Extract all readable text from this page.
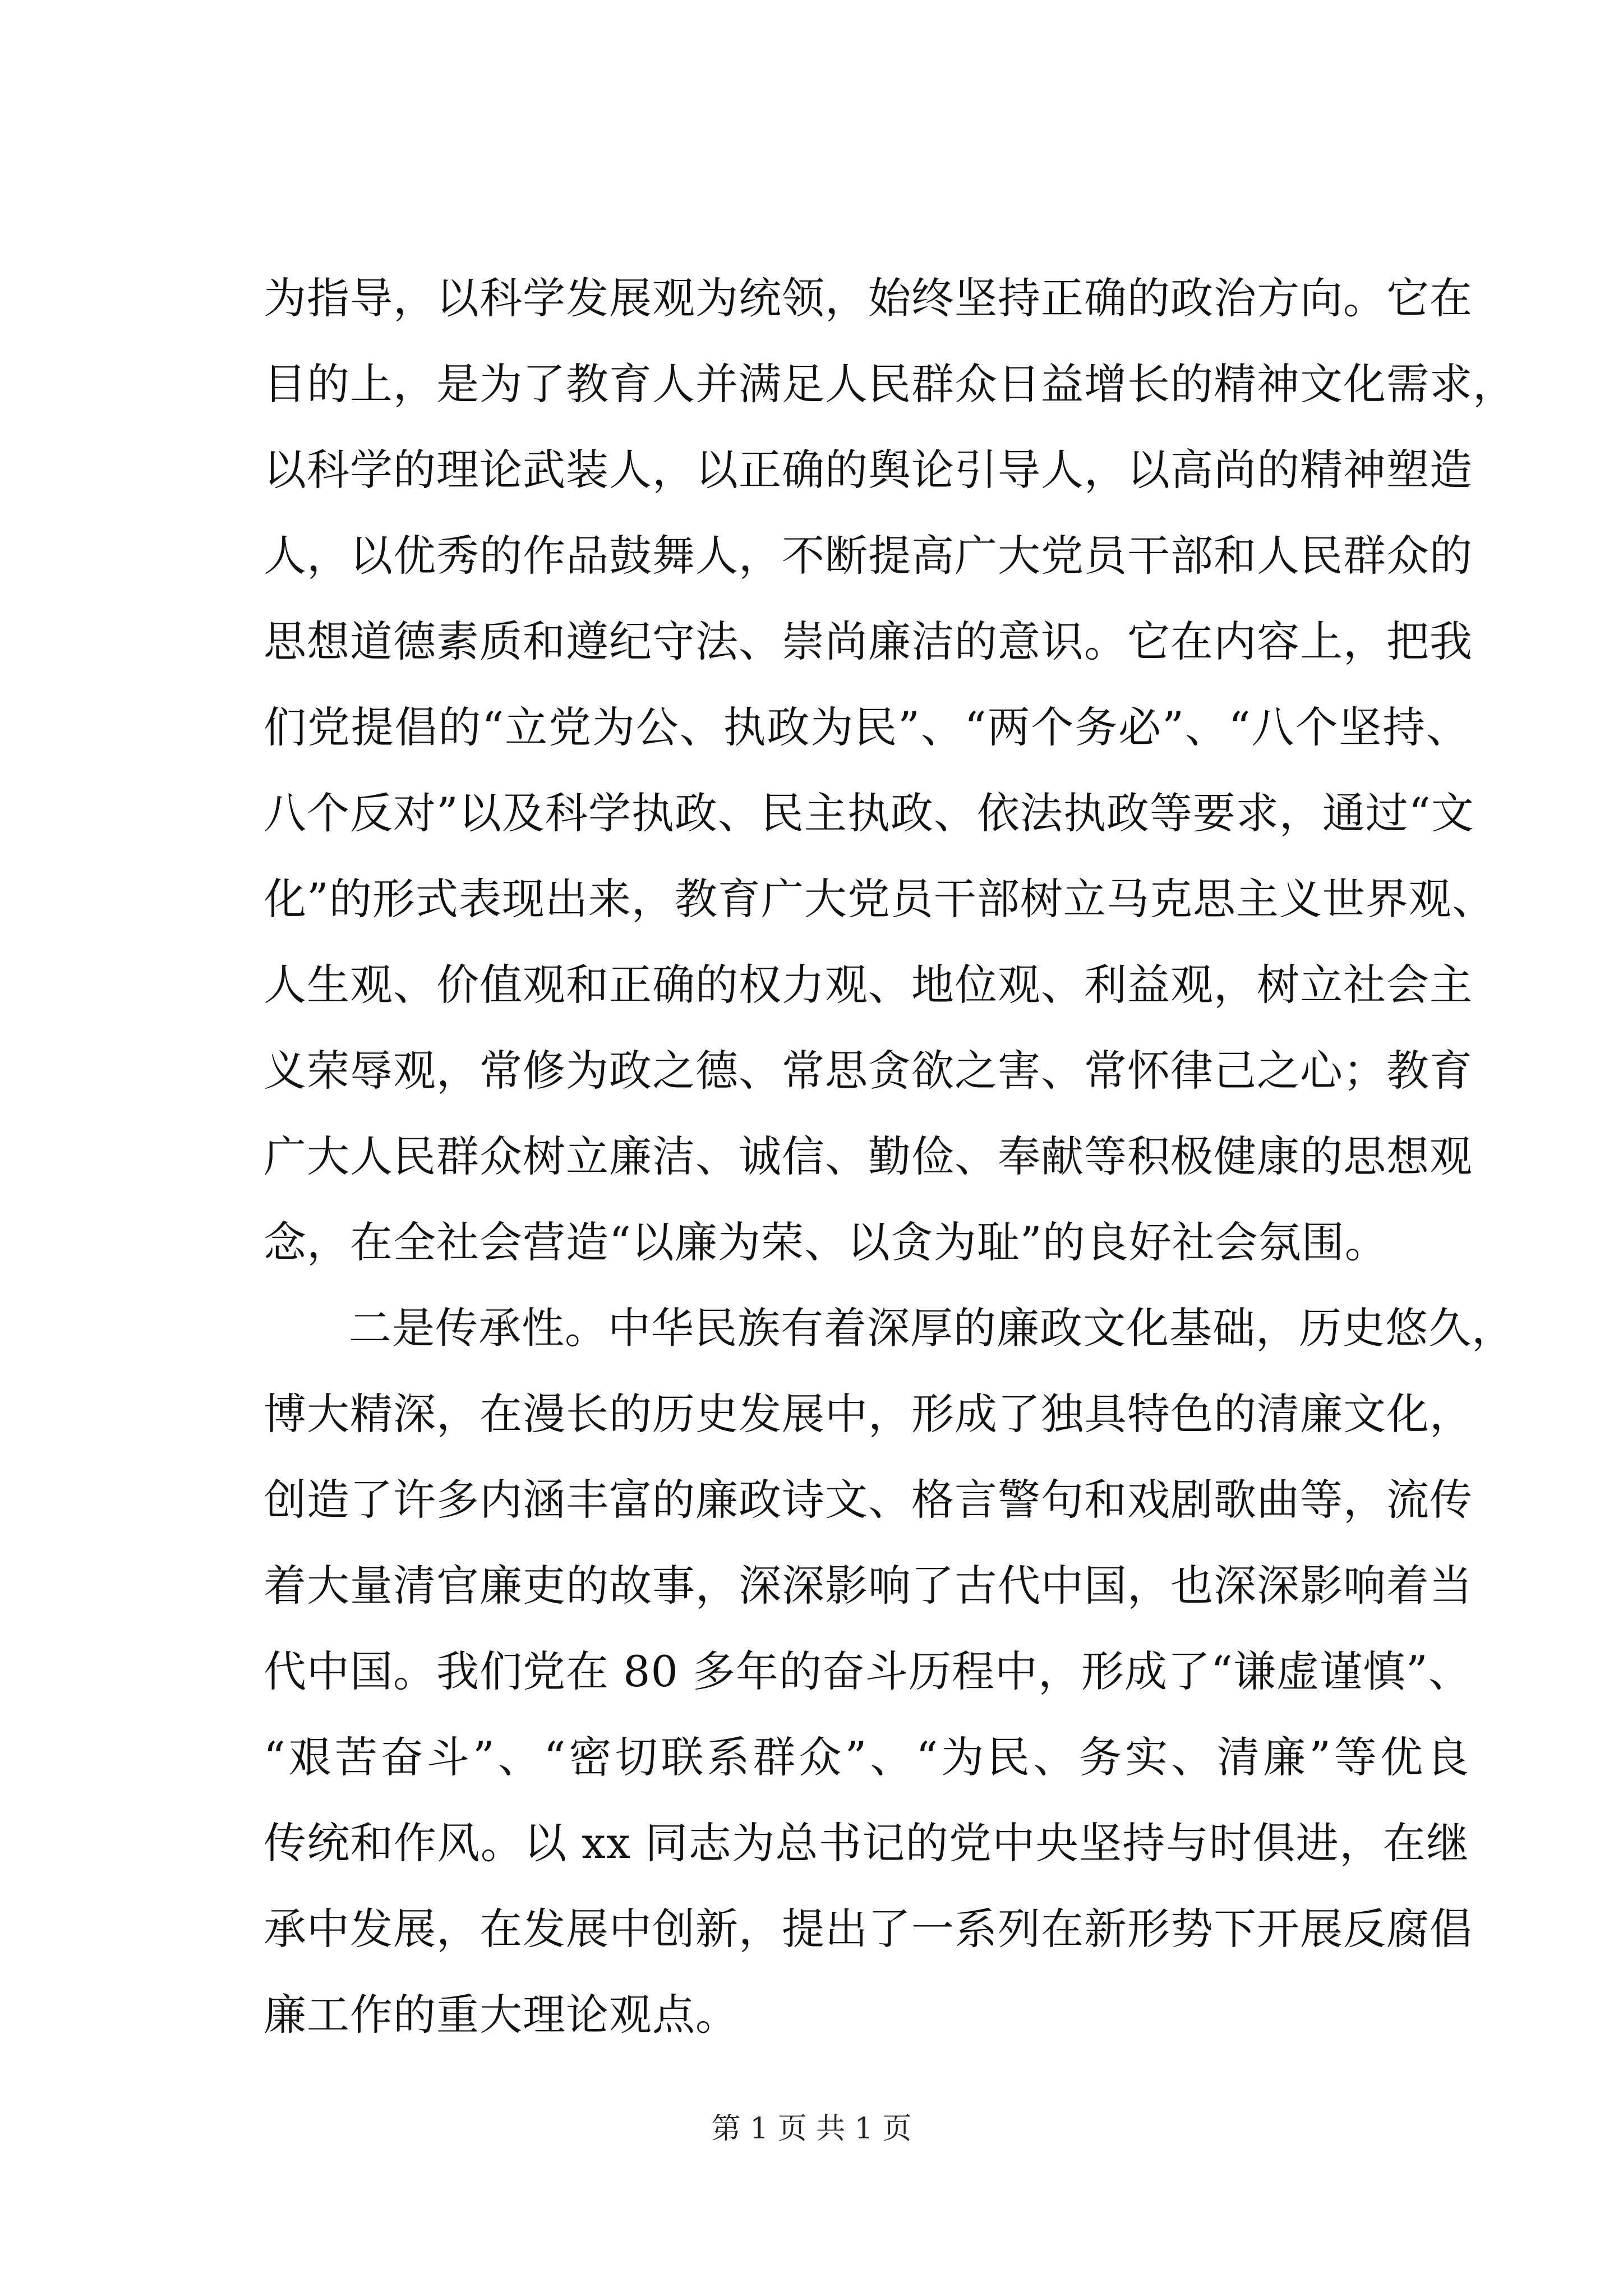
为指导，以科学发展观为统领，始终坚持正确的政治方向。它在
目的上，是为了教育人并满足人民群众日益增长的精神文化需求，
以科学的理论武装人，以正确的舆论引导人，以高尚的精神塑造
人，以优秀的作品鼓舞人，不断提高广大党员干部和人民群众的
思想道德素质和遵纪守法、崇尚廉洁的意识。它在内容上，把我
们党提倡的“立党为公、执政为民”、“两个务必”、“八个坚持、
八个反对”以及科学执政、民主执政、依法执政等要求，通过“文
化”的形式表现出来，教育广大党员干部树立马克思主义世界观、
人生观、价值观和正确的权力观、地位观、利益观，树立社会主
义荣辱观，常修为政之德、常思贪欲之害、常怀律己之心；教育
广大人民群众树立廉洁、诚信、勤俭、奉献等积极健康的思想观
念，在全社会营造“以廉为荣、以贪为耻”的良好社会氛围。
二是传承性。中华民族有着深厚的廉政文化基础，历史悠久，
博大精深，在漫长的历史发展中，形成了独具特色的清廉文化，
创造了许多内涵丰富的廉政诗文、格言警句和戏剧歌曲等，流传
着大量清官廉吏的故事，深深影响了古代中国，也深深影响着当
代中国。我们党在 80 多年的奋斗历程中，形成了“谦虚谨慎”、
“艰苦奋斗”、“密切联系群众”、“为民、务实、清廉”等优良
传统和作风。以 xx 同志为总书记的党中央坚持与时俱进，在继
承中发展，在发展中创新，提出了一系列在新形势下开展反腐倡
廉工作的重大理论观点。
第 1 页 共 1 页
